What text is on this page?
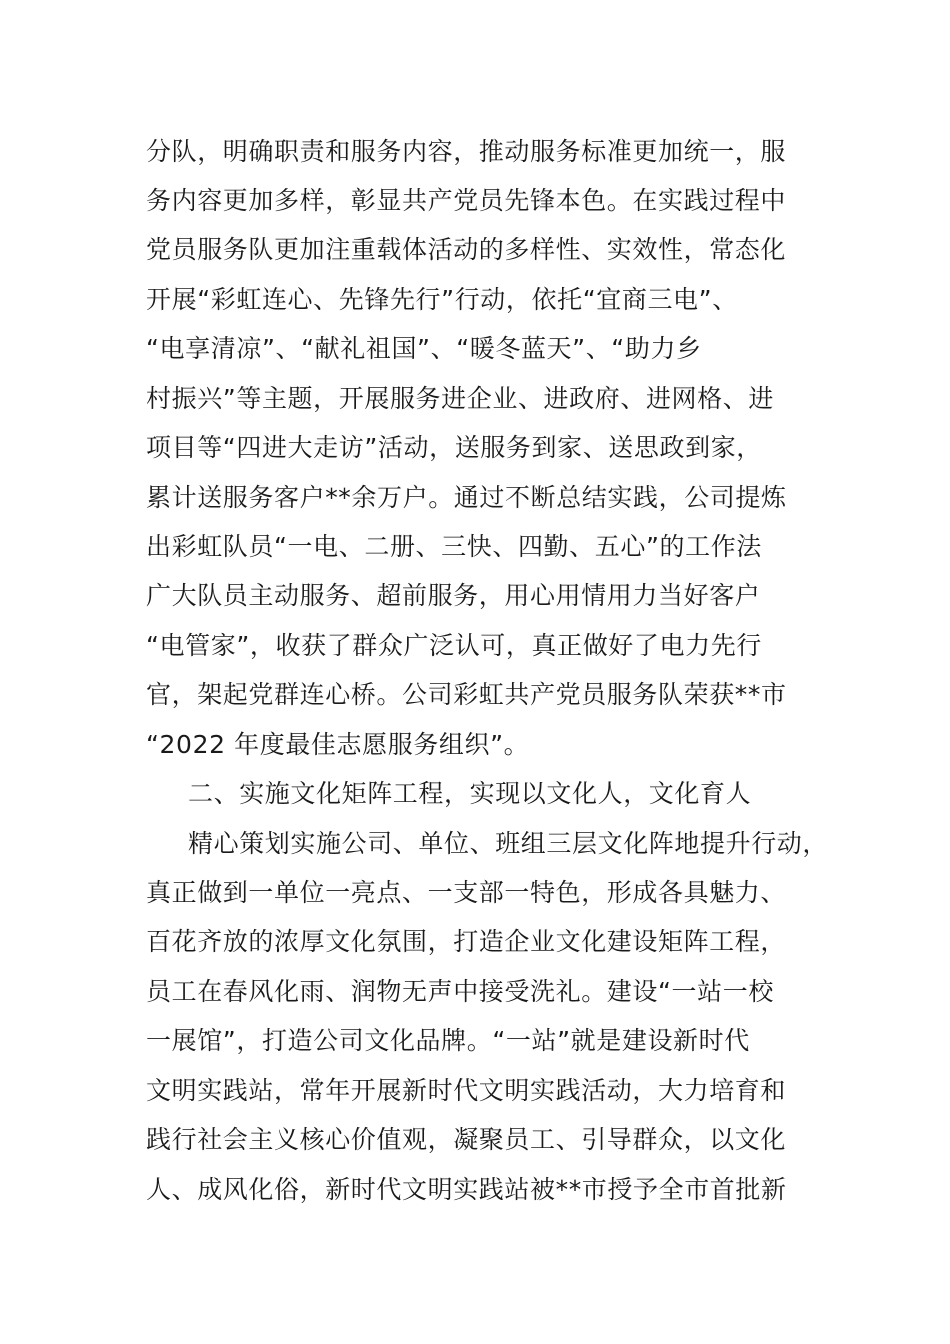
分队，明确职责和服务内容，推动服务标准更加统一，服

务内容更加多样，彰显共产党员先锋本色。在实践过程中

党员服务队更加注重载体活动的多样性、实效性，常态化

开展“彩虹连心、先锋先行”行动，依托“宜商三电”、

“电享清凉”、“献礼祖国”、“暖冬蓝天”、“助力乡

村振兴”等主题，开展服务进企业、进政府、进网格、进

项目等“四进大走访”活动，送服务到家、送思政到家，

累计送服务客户**余万户。通过不断总结实践，公司提炼

出彩虹队员“一电、二册、三快、四勤、五心”的工作法

广大队员主动服务、超前服务，用心用情用力当好客户

“电管家”，收获了群众广泛认可，真正做好了电力先行

官，架起党群连心桥。公司彩虹共产党员服务队荣获**市

“2022 年度最佳志愿服务组织”。

二、实施文化矩阵工程，实现以文化人，文化育人

精心策划实施公司、单位、班组三层文化阵地提升行动，

真正做到一单位一亮点、一支部一特色，形成各具魅力、

百花齐放的浓厚文化氛围，打造企业文化建设矩阵工程，

员工在春风化雨、润物无声中接受洗礼。建设“一站一校

一展馆”，打造公司文化品牌。“一站”就是建设新时代

文明实践站，常年开展新时代文明实践活动，大力培育和

践行社会主义核心价值观，凝聚员工、引导群众，以文化

人、成风化俗，新时代文明实践站被**市授予全市首批新
